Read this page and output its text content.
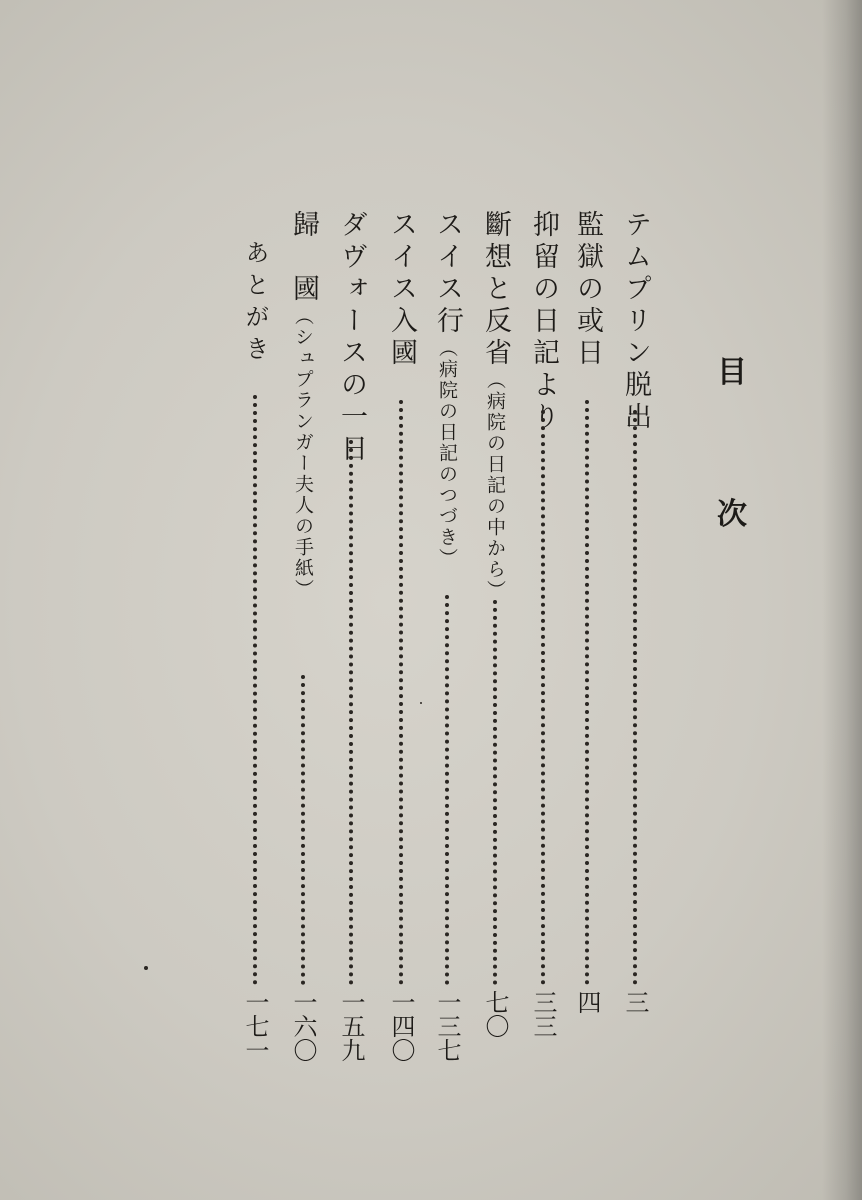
目
次
テムプリン脱出
三
監獄の或日
四
抑留の日記より
三三
斷想と反省（病院の日記の中から）
七〇
スイス行（病院の日記のつづき）
一三七
スイス入國
一四〇
ダヴォースの一日
一五九
歸　國（シュプランガー夫人の手紙）
一六〇
あとがき
一七一
